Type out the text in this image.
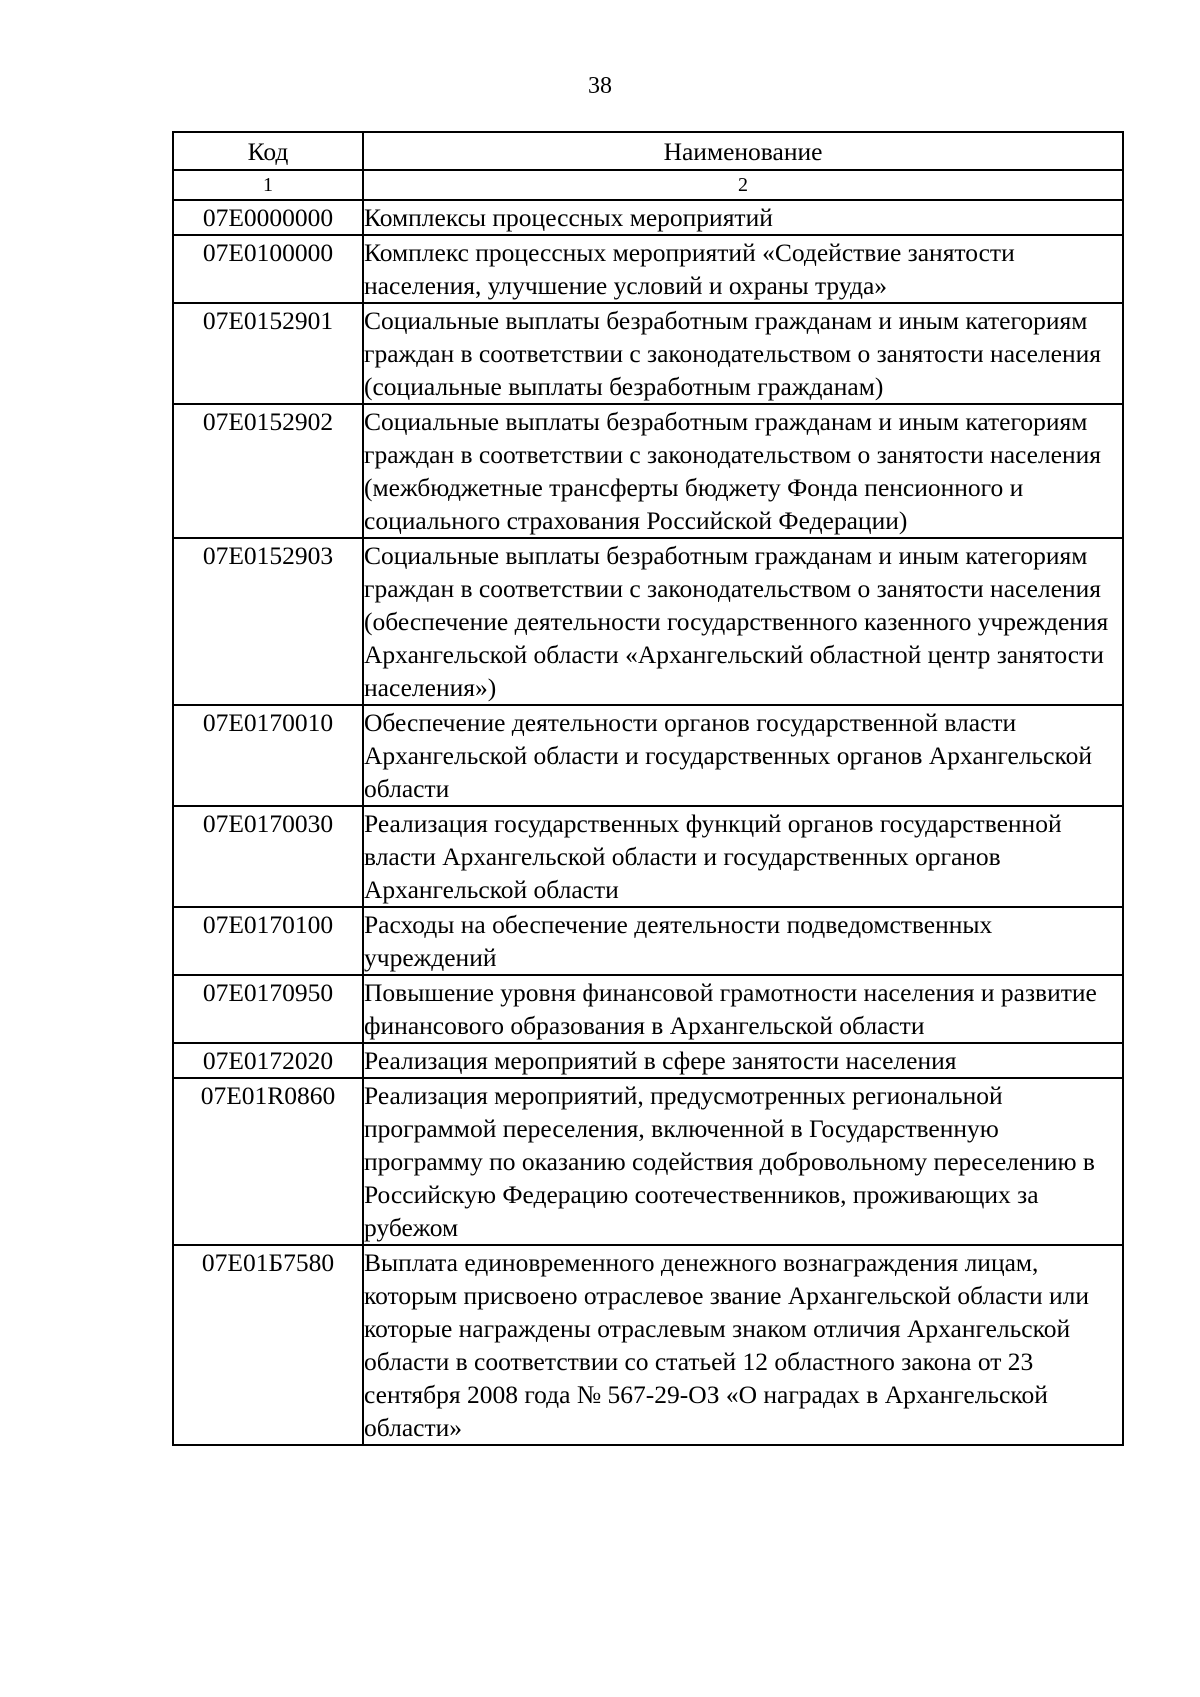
38
Код	Наименование
1	2
07Е0000000	Комплексы процессных мероприятий
07Е0100000	Комплекс процессных мероприятий «Содействие занятости населения, улучшение условий и охраны труда»
07Е0152901	Социальные выплаты безработным гражданам и иным категориям граждан в соответствии с законодательством о занятости населения (социальные выплаты безработным гражданам)
07Е0152902	Социальные выплаты безработным гражданам и иным категориям граждан в соответствии с законодательством о занятости населения (межбюджетные трансферты бюджету Фонда пенсионного и социального страхования Российской Федерации)
07Е0152903	Социальные выплаты безработным гражданам и иным категориям граждан в соответствии с законодательством о занятости населения (обеспечение деятельности государственного казенного учреждения Архангельской области «Архангельский областной центр занятости населения»)
07Е0170010	Обеспечение деятельности органов государственной власти Архангельской области и государственных органов Архангельской области
07Е0170030	Реализация государственных функций органов государственной власти Архангельской области и государственных органов Архангельской области
07Е0170100	Расходы на обеспечение деятельности подведомственных учреждений
07Е0170950	Повышение уровня финансовой грамотности населения и развитие финансового образования в Архангельской области
07Е0172020	Реализация мероприятий в сфере занятости населения
07Е01R0860	Реализация мероприятий, предусмотренных региональной программой переселения, включенной в Государственную программу по оказанию содействия добровольному переселению в Российскую Федерацию соотечественников, проживающих за рубежом
07Е01Б7580	Выплата единовременного денежного вознаграждения лицам, которым присвоено отраслевое звание Архангельской области или которые награждены отраслевым знаком отличия Архангельской области в соответствии со статьей 12 областного закона от 23 сентября 2008 года № 567-29-ОЗ «О наградах в Архангельской области»
